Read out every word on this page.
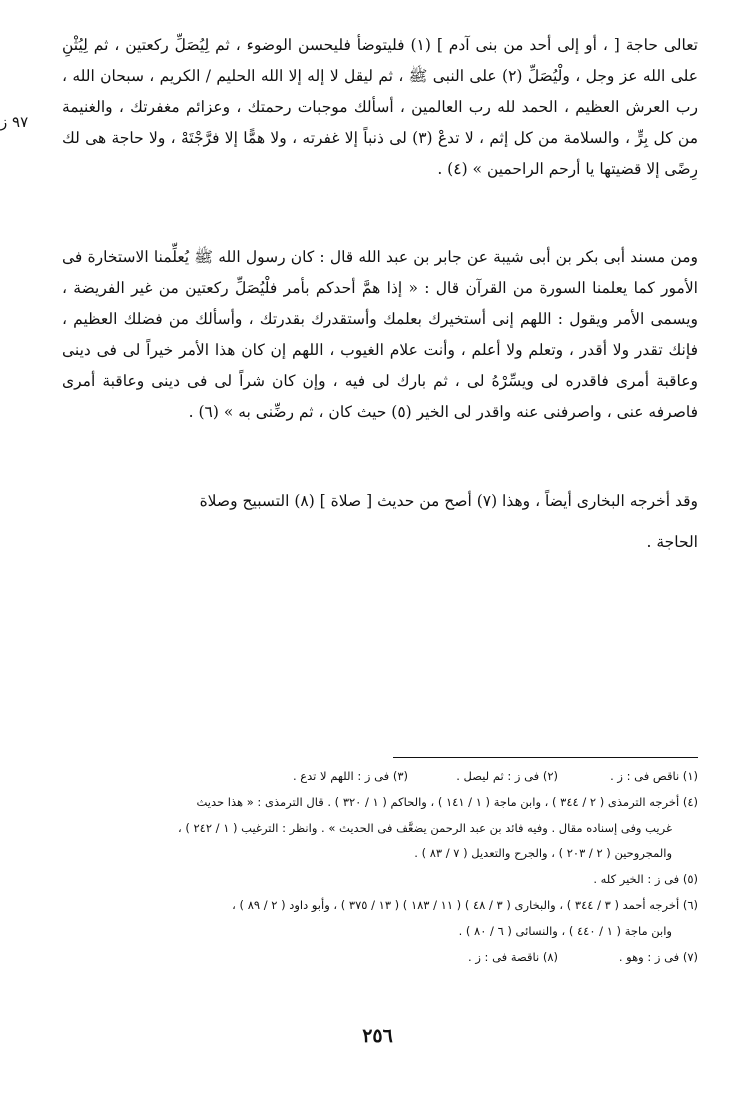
تعالى حاجة [ ، أو إلى أحد من بنى آدم ] (١) فليتوضأ فليحسن الوضوء ، ثم لِيُصَلِّ ركعتين ، ثم لِيُثْنِ على الله عز وجل ، ولْيُصَلِّ (٢) على النبى ﷺ ، ثم ليقل لا إله إلا الله الحليم / الكريم ، سبحان الله ، رب العرش العظيم ، الحمد لله رب العالمين ، أسألك موجبات رحمتك ، وعزائم مغفرتك ، والغنيمة من كل بِرٍّ ، والسلامة من كل إثم ، لا تدعْ (٣) لى ذنباً إلا غفرته ، ولا همًّا إلا فرَّجْتَهْ ، ولا حاجة هى لك رِضًى إلا قضيتها يا أرحم الراحمين » (٤) .

٩٧ ز

ومن مسند أبى بكر بن أبى شيبة عن جابر بن عبد الله قال : كان رسول الله ﷺ يُعلِّمنا الاستخارة فى الأمور كما يعلمنا السورة من القرآن قال : « إذا همَّ أحدكم بأمر فلْيُصَلِّ ركعتين من غير الفريضة ، ويسمى الأمر ويقول : اللهم إنى أستخيرك بعلمك وأستقدرك بقدرتك ، وأسألك من فضلك العظيم ، فإنك تقدر ولا أقدر ، وتعلم ولا أعلم ، وأنت علام الغيوب ، اللهم إن كان هذا الأمر خيراً لى فى دينى وعاقبة أمرى فاقدره لى ويسِّرْهُ لى ، ثم بارك لى فيه ، وإن كان شراً لى فى دينى وعاقبة أمرى فاصرفه عنى ، واصرفنى عنه واقدر لى الخير (٥) حيث كان ، ثم رضِّنى به » (٦) .

وقد أخرجه البخارى أيضاً ، وهذا (٧) أصح من حديث [ صلاة ] (٨) التسبيح وصلاة

الحاجة .

(١) ناقص فى : ز .
(٢) فى ز : ثم ليصل .
(٣) فى ز : اللهم لا تدع .
(٤) أخرجه الترمذى ( ٢ / ٣٤٤ ) ، وابن ماجة ( ١ / ١٤١ ) ، والحاكم ( ١ / ٣٢٠ ) . قال الترمذى : « هذا حديث
غريب وفى إسناده مقال . وفيه فائد بن عبد الرحمن يضعَّف فى الحديث » . وانظر : الترغيب ( ١ / ٢٤٢ ) ،
والمجروحين ( ٢ / ٢٠٣ ) ، والجرح والتعديل ( ٧ / ٨٣ ) .
(٥) فى ز : الخير كله .
(٦) أخرجه أحمد ( ٣ / ٣٤٤ ) ، والبخارى ( ٣ / ٤٨ ) ( ١١ / ١٨٣ ) ( ١٣ / ٣٧٥ ) ، وأبو داود ( ٢ / ٨٩ ) ،
وابن ماجة ( ١ / ٤٤٠ ) ، والنسائى ( ٦ / ٨٠ ) .
(٧) فى ز : وهو .
(٨) ناقصة فى : ز .
٢٥٦
